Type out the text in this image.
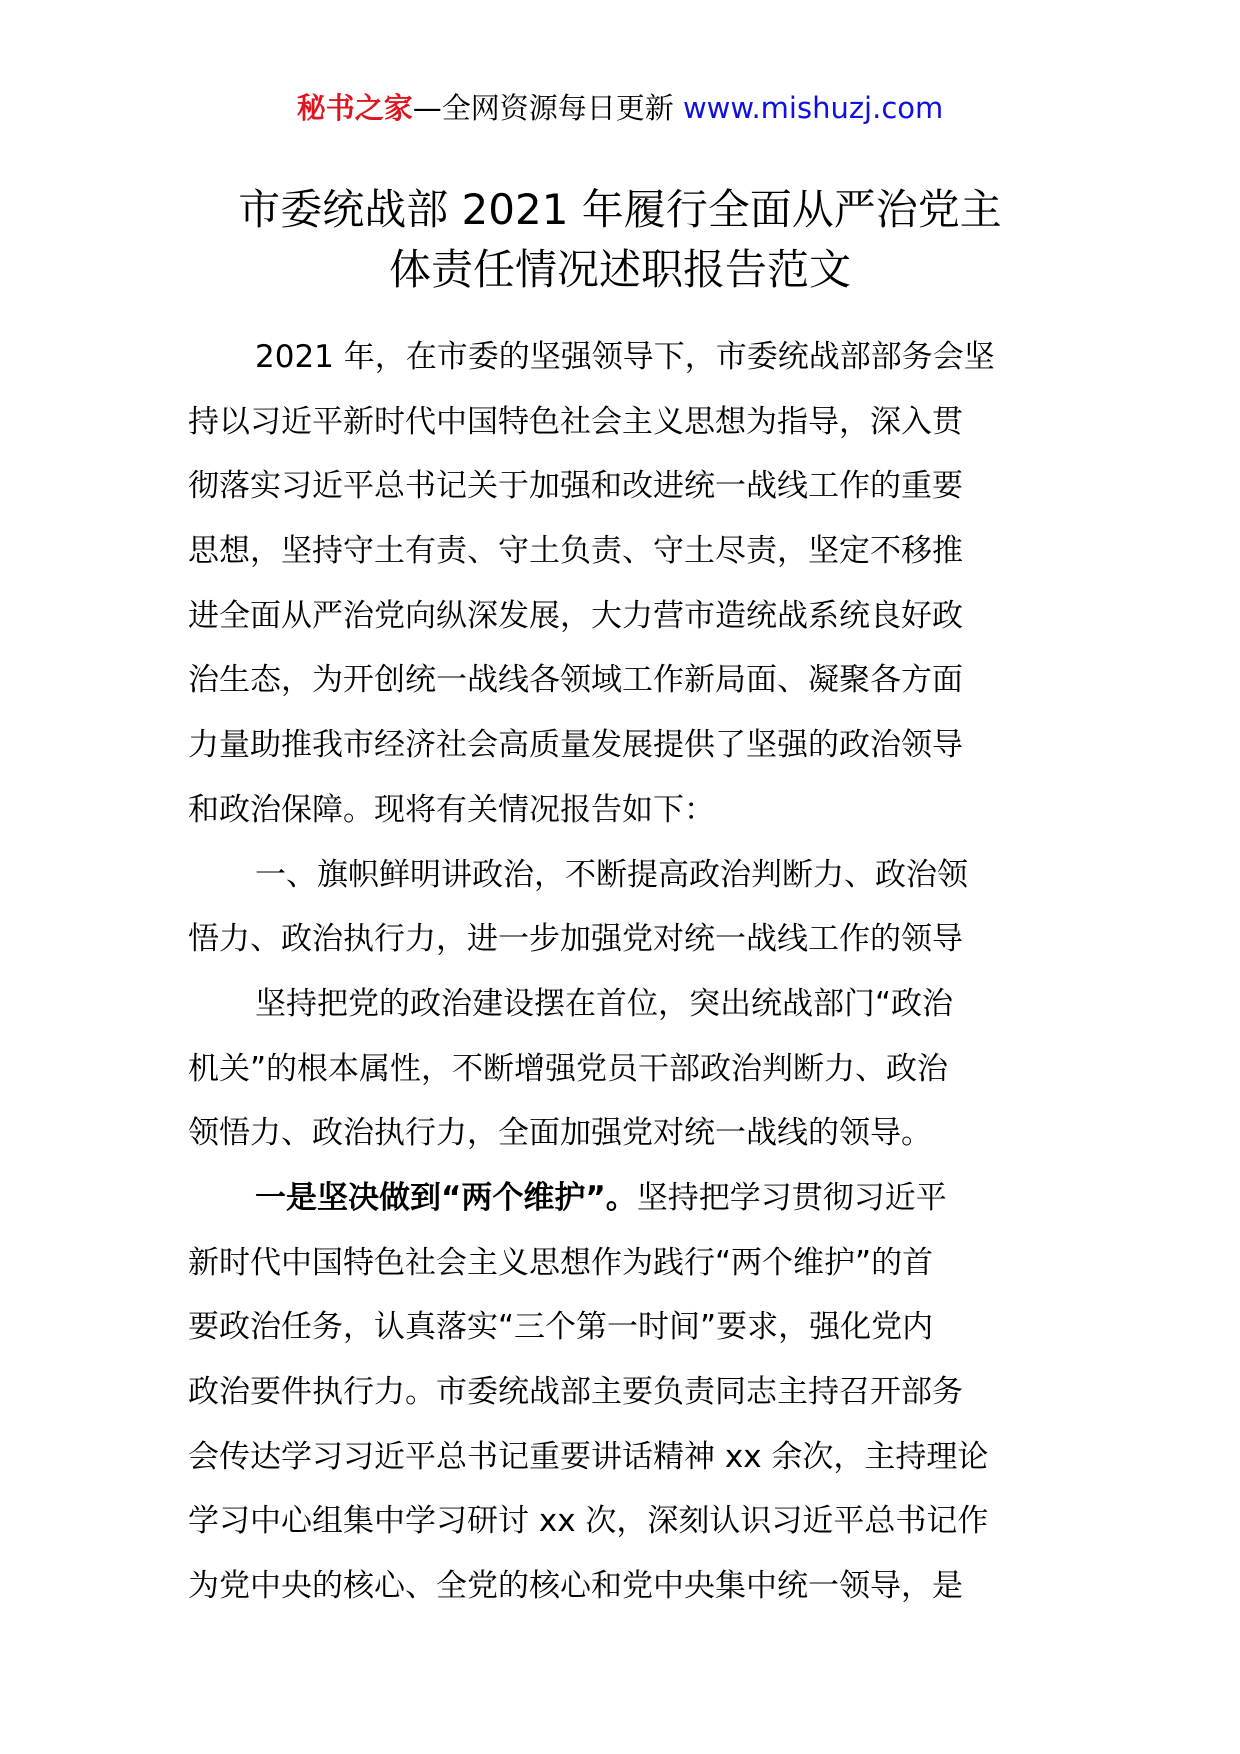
秘书之家—全网资源每日更新 www.mishuzj.com
市委统战部 2021 年履行全面从严治党主
体责任情况述职报告范文
2021 年，在市委的坚强领导下，市委统战部部务会坚
持以习近平新时代中国特色社会主义思想为指导，深入贯
彻落实习近平总书记关于加强和改进统一战线工作的重要
思想，坚持守土有责、守土负责、守土尽责，坚定不移推
进全面从严治党向纵深发展，大力营市造统战系统良好政
治生态，为开创统一战线各领域工作新局面、凝聚各方面
力量助推我市经济社会高质量发展提供了坚强的政治领导
和政治保障。现将有关情况报告如下：
一、旗帜鲜明讲政治，不断提高政治判断力、政治领
悟力、政治执行力，进一步加强党对统一战线工作的领导
坚持把党的政治建设摆在首位，突出统战部门“政治
机关”的根本属性，不断增强党员干部政治判断力、政治
领悟力、政治执行力，全面加强党对统一战线的领导。
一是坚决做到“两个维护”。坚持把学习贯彻习近平
新时代中国特色社会主义思想作为践行“两个维护”的首
要政治任务，认真落实“三个第一时间”要求，强化党内
政治要件执行力。市委统战部主要负责同志主持召开部务
会传达学习习近平总书记重要讲话精神 xx 余次，主持理论
学习中心组集中学习研讨 xx 次，深刻认识习近平总书记作
为党中央的核心、全党的核心和党中央集中统一领导，是
